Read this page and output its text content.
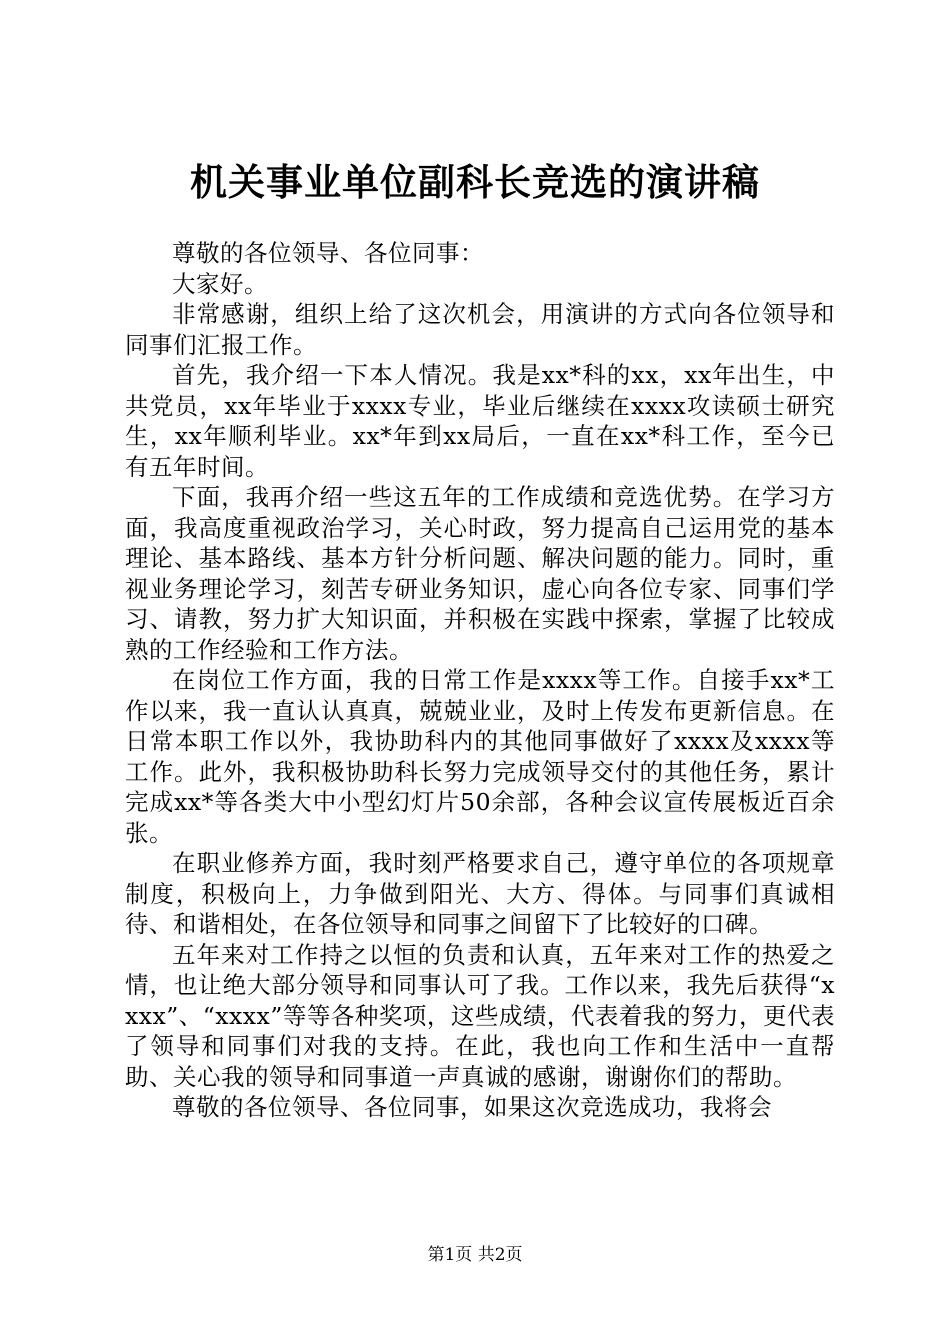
机关事业单位副科长竞选的演讲稿

尊敬的各位领导、各位同事：

大家好。

非常感谢，组织上给了这次机会，用演讲的方式向各位领导和同事们汇报工作。

首先，我介绍一下本人情况。我是xx*科的xx，xx年出生，中共党员，xx年毕业于xxxx专业，毕业后继续在xxxx攻读硕士研究生，xx年顺利毕业。xx*年到xx局后，一直在xx*科工作，至今已有五年时间。

下面，我再介绍一些这五年的工作成绩和竞选优势。在学习方面，我高度重视政治学习，关心时政，努力提高自己运用党的基本理论、基本路线、基本方针分析问题、解决问题的能力。同时，重视业务理论学习，刻苦专研业务知识，虚心向各位专家、同事们学习、请教，努力扩大知识面，并积极在实践中探索，掌握了比较成熟的工作经验和工作方法。

在岗位工作方面，我的日常工作是xxxx等工作。自接手xx*工作以来，我一直认认真真，兢兢业业，及时上传发布更新信息。在日常本职工作以外，我协助科内的其他同事做好了xxxx及xxxx等工作。此外，我积极协助科长努力完成领导交付的其他任务，累计完成xx*等各类大中小型幻灯片50余部，各种会议宣传展板近百余张。

在职业修养方面，我时刻严格要求自己，遵守单位的各项规章制度，积极向上，力争做到阳光、大方、得体。与同事们真诚相待、和谐相处，在各位领导和同事之间留下了比较好的口碑。

五年来对工作持之以恒的负责和认真，五年来对工作的热爱之情，也让绝大部分领导和同事认可了我。工作以来，我先后获得“xxxx”、“xxxx”等等各种奖项，这些成绩，代表着我的努力，更代表了领导和同事们对我的支持。在此，我也向工作和生活中一直帮助、关心我的领导和同事道一声真诚的感谢，谢谢你们的帮助。

尊敬的各位领导、各位同事，如果这次竞选成功，我将会

第1页 共2页
